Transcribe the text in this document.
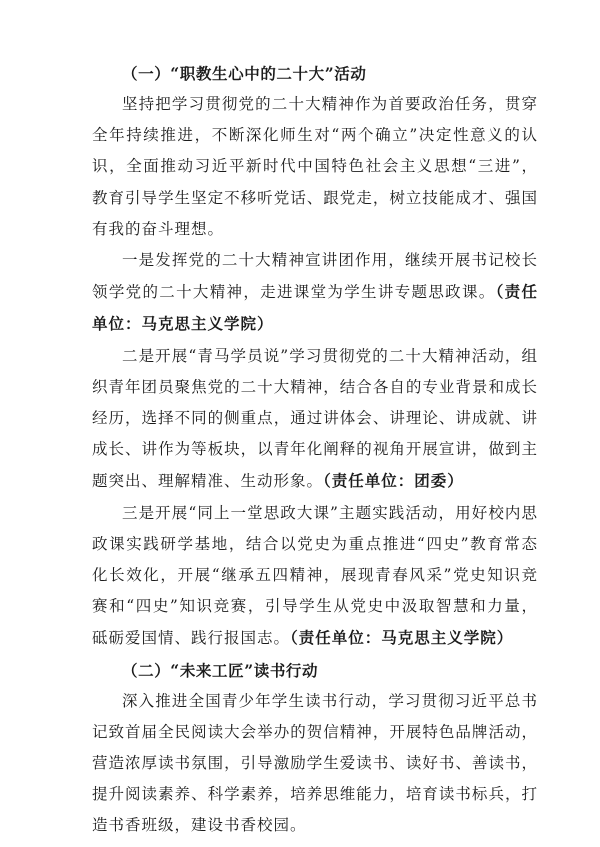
（一）“职教生心中的二十大”活动

坚持把学习贯彻党的二十大精神作为首要政治任务，贯穿全年持续推进，不断深化师生对“两个确立”决定性意义的认识，全面推动习近平新时代中国特色社会主义思想“三进”，教育引导学生坚定不移听党话、跟党走，树立技能成才、强国有我的奋斗理想。

一是发挥党的二十大精神宣讲团作用，继续开展书记校长领学党的二十大精神，走进课堂为学生讲专题思政课。（责任单位：马克思主义学院）

二是开展“青马学员说”学习贯彻党的二十大精神活动，组织青年团员聚焦党的二十大精神，结合各自的专业背景和成长经历，选择不同的侧重点，通过讲体会、讲理论、讲成就、讲成长、讲作为等板块，以青年化阐释的视角开展宣讲，做到主题突出、理解精准、生动形象。（责任单位：团委）

三是开展“同上一堂思政大课”主题实践活动，用好校内思政课实践研学基地，结合以党史为重点推进“四史”教育常态化长效化，开展“继承五四精神，展现青春风采”党史知识竞赛和“四史”知识竞赛，引导学生从党史中汲取智慧和力量，砥砺爱国情、践行报国志。（责任单位：马克思主义学院）

（二）“未来工匠”读书行动

深入推进全国青少年学生读书行动，学习贯彻习近平总书记致首届全民阅读大会举办的贺信精神，开展特色品牌活动，营造浓厚读书氛围，引导激励学生爱读书、读好书、善读书，提升阅读素养、科学素养，培养思维能力，培育读书标兵，打造书香班级，建设书香校园。
